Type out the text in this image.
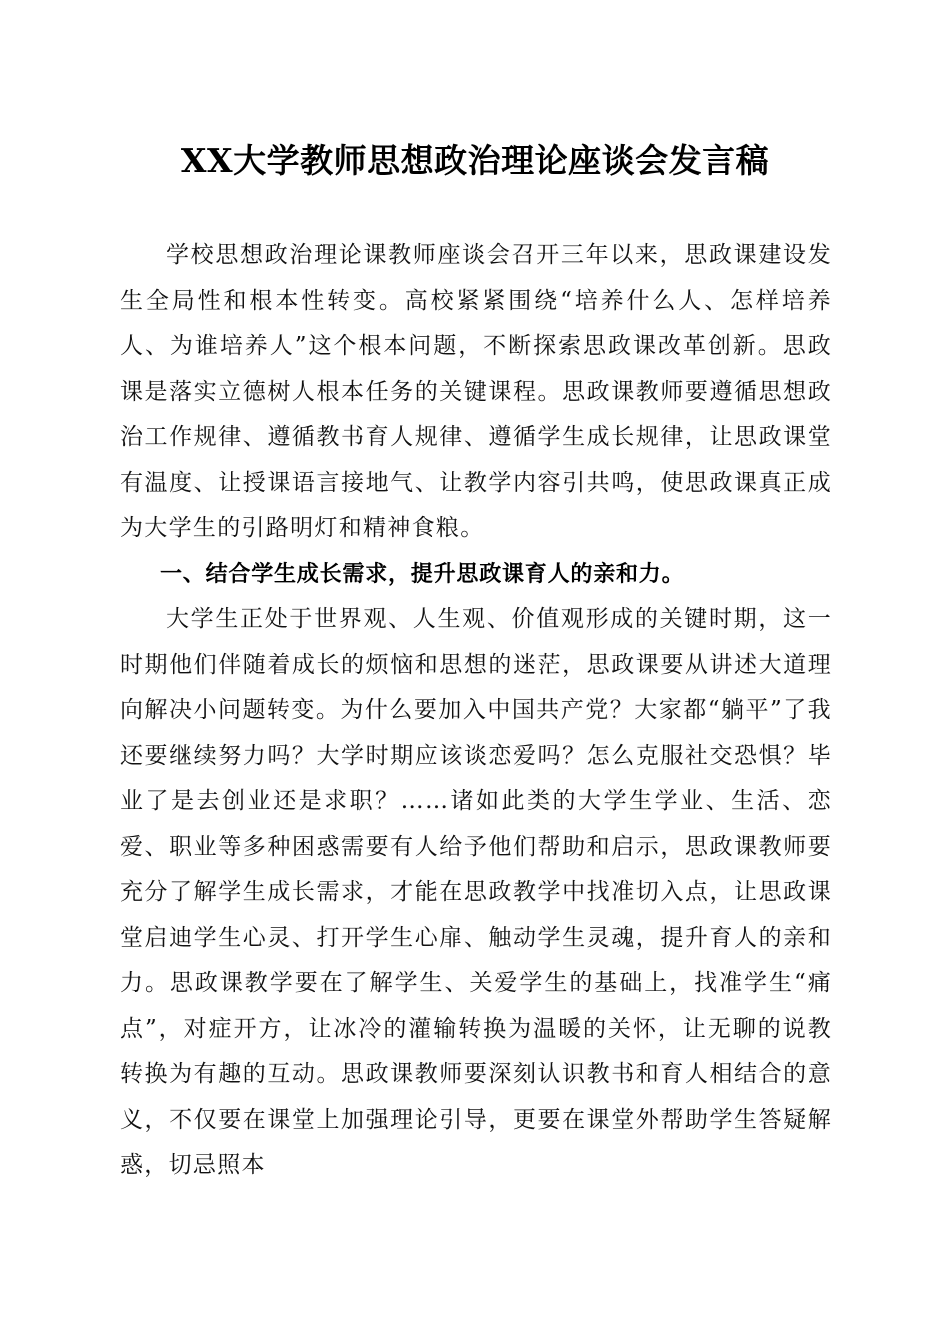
XX大学教师思想政治理论座谈会发言稿

学校思想政治理论课教师座谈会召开三年以来，思政课建设发生全局性和根本性转变。高校紧紧围绕“培养什么人、怎样培养人、为谁培养人”这个根本问题，不断探索思政课改革创新。思政课是落实立德树人根本任务的关键课程。思政课教师要遵循思想政治工作规律、遵循教书育人规律、遵循学生成长规律，让思政课堂有温度、让授课语言接地气、让教学内容引共鸣，使思政课真正成为大学生的引路明灯和精神食粮。

一、结合学生成长需求，提升思政课育人的亲和力。

大学生正处于世界观、人生观、价值观形成的关键时期，这一时期他们伴随着成长的烦恼和思想的迷茫，思政课要从讲述大道理向解决小问题转变。为什么要加入中国共产党？大家都“躺平”了我还要继续努力吗？大学时期应该谈恋爱吗？怎么克服社交恐惧？毕业了是去创业还是求职？……诸如此类的大学生学业、生活、恋爱、职业等多种困惑需要有人给予他们帮助和启示，思政课教师要充分了解学生成长需求，才能在思政教学中找准切入点，让思政课堂启迪学生心灵、打开学生心扉、触动学生灵魂，提升育人的亲和力。思政课教学要在了解学生、关爱学生的基础上，找准学生“痛点”，对症开方，让冰冷的灌输转换为温暖的关怀，让无聊的说教转换为有趣的互动。思政课教师要深刻认识教书和育人相结合的意义，不仅要在课堂上加强理论引导，更要在课堂外帮助学生答疑解惑，切忌照本
